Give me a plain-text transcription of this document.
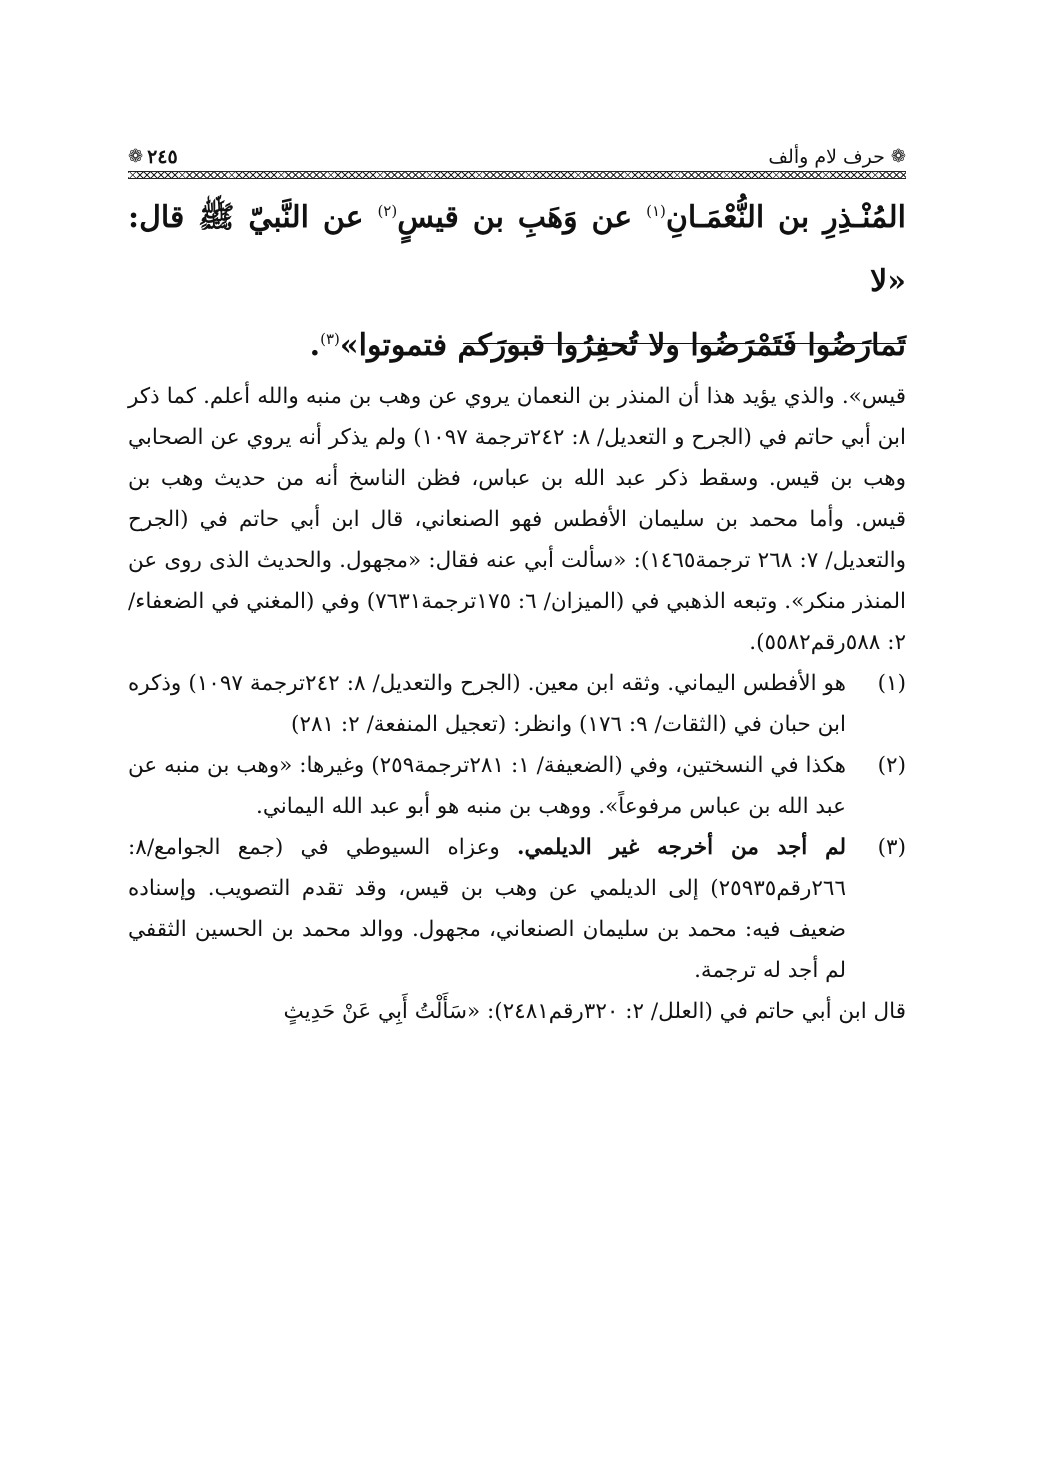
❁
حرف لام وألف
❁ ٢٤٥

المُنْـذِرِ بن النُّعْمَـانِ$^{(١)}$ عن وَهَبِ بن قيسٍ$^{(٢)}$ عن النَّبيّ ﷺ قال: «لا

تَمارَضُوا فَتَمْرَضُوا ولا تُحفِرُوا قبورَكم فتموتوا»$^{(٣)}$.

قيس». والذي يؤيد هذا أن المنذر بن النعمان يروي عن وهب بن منبه والله أعلم. كما ذكر ابن أبي حاتم في (الجرح و التعديل/ ٨: ٢٤٢ترجمة ١٠٩٧) ولم يذكر أنه يروي عن الصحابي وهب بن قيس. وسقط ذكر عبد الله بن عباس، فظن الناسخ أنه من حديث وهب بن قيس. وأما محمد بن سليمان الأفطس فهو الصنعاني، قال ابن أبي حاتم في (الجرح والتعديل/ ٧: ٢٦٨ ترجمة١٤٦٥): «سألت أبي عنه فقال: «مجهول. والحديث الذى روى عن المنذر منكر». وتبعه الذهبي في (الميزان/ ٦: ١٧٥ترجمة٧٦٣١) وفي (المغني في الضعفاء/ ٢: ٥٨٨رقم٥٥٨٢).

(١)

هو الأفطس اليماني. وثقه ابن معين. (الجرح والتعديل/ ٨: ٢٤٢ترجمة ١٠٩٧) وذكره ابن حبان في (الثقات/ ٩: ١٧٦) وانظر: (تعجيل المنفعة/ ٢: ٢٨١)

(٢)

هكذا في النسختين، وفي (الضعيفة/ ١: ٢٨١ترجمة٢٥٩) وغيرها: «وهب بن منبه عن عبد الله بن عباس مرفوعاً». ووهب بن منبه هو أبو عبد الله اليماني.

(٣)

لم أجد من أخرجه غير الديلمي. وعزاه السيوطي في (جمع الجوامع/٨: ٢٦٦رقم٢٥٩٣٥) إلى الديلمي عن وهب بن قيس، وقد تقدم التصويب. وإسناده ضعيف فيه: محمد بن سليمان الصنعاني، مجهول. ووالد محمد بن الحسين الثقفي لم أجد له ترجمة.

قال ابن أبي حاتم في (العلل/ ٢: ٣٢٠رقم٢٤٨١): «سَأَلْتُ أَبِي عَنْ حَدِيثٍ
